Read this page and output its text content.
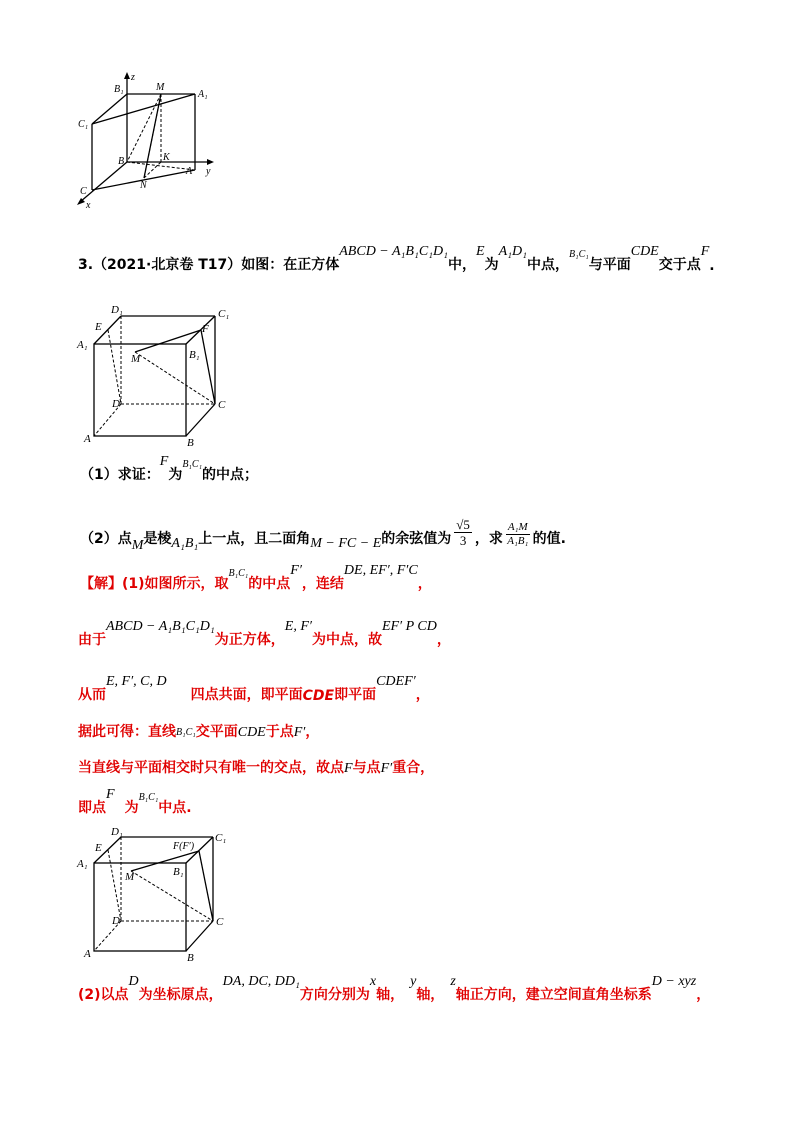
z
B₁	M
A₁
C₁
B	K
A y
N
C
x
3.（2021·北京卷 T17）如图：在正方体
ABCD − A₁B₁C₁D₁
中，
E
为
A₁D₁
中点，
B₁C₁
与平面
CDE
交于点
F
.
D₁	C₁
E	F
A₁
M	B₁
D	C
A	B
（1）求证：
F
为
B₁C₁
的中点；
（2）点 M 是棱 A₁B₁ 上一点，且二面角 M − FC − E 的余弦值为 $\frac{√5}{3}$ ，求 $\frac{\text{A₁M}}{\text{A₁B₁}}$ 的值.
【解】 (1)如图所示，取
B₁C₁
的中点
F′
，连结
DE, EF′, F′C
，
由于
ABCD − A₁B₁C₁D₁
为正方体，
E, F′
为中点，故
EF′ P CD
，
从而
E, F′, C, D
四点共面，即平面 CDE 即平面
CDEF′
，
据此可得：直线 B₁C₁ 交平面 CDE 于点 F′ ，
当直线与平面相交时只有唯一的交点，故点 F 与点 F′ 重合，
即点
F
为
B₁C₁
中点.
D₁	C₁
E	F(F′)
A₁
M	B₁
D	C
A	B
(2)以点
D
为坐标原点，
DA, DC, DD₁
方向分别为
x
轴，
y
轴，
z
轴正方向，建立空间直角坐标系
D − xyz
，
